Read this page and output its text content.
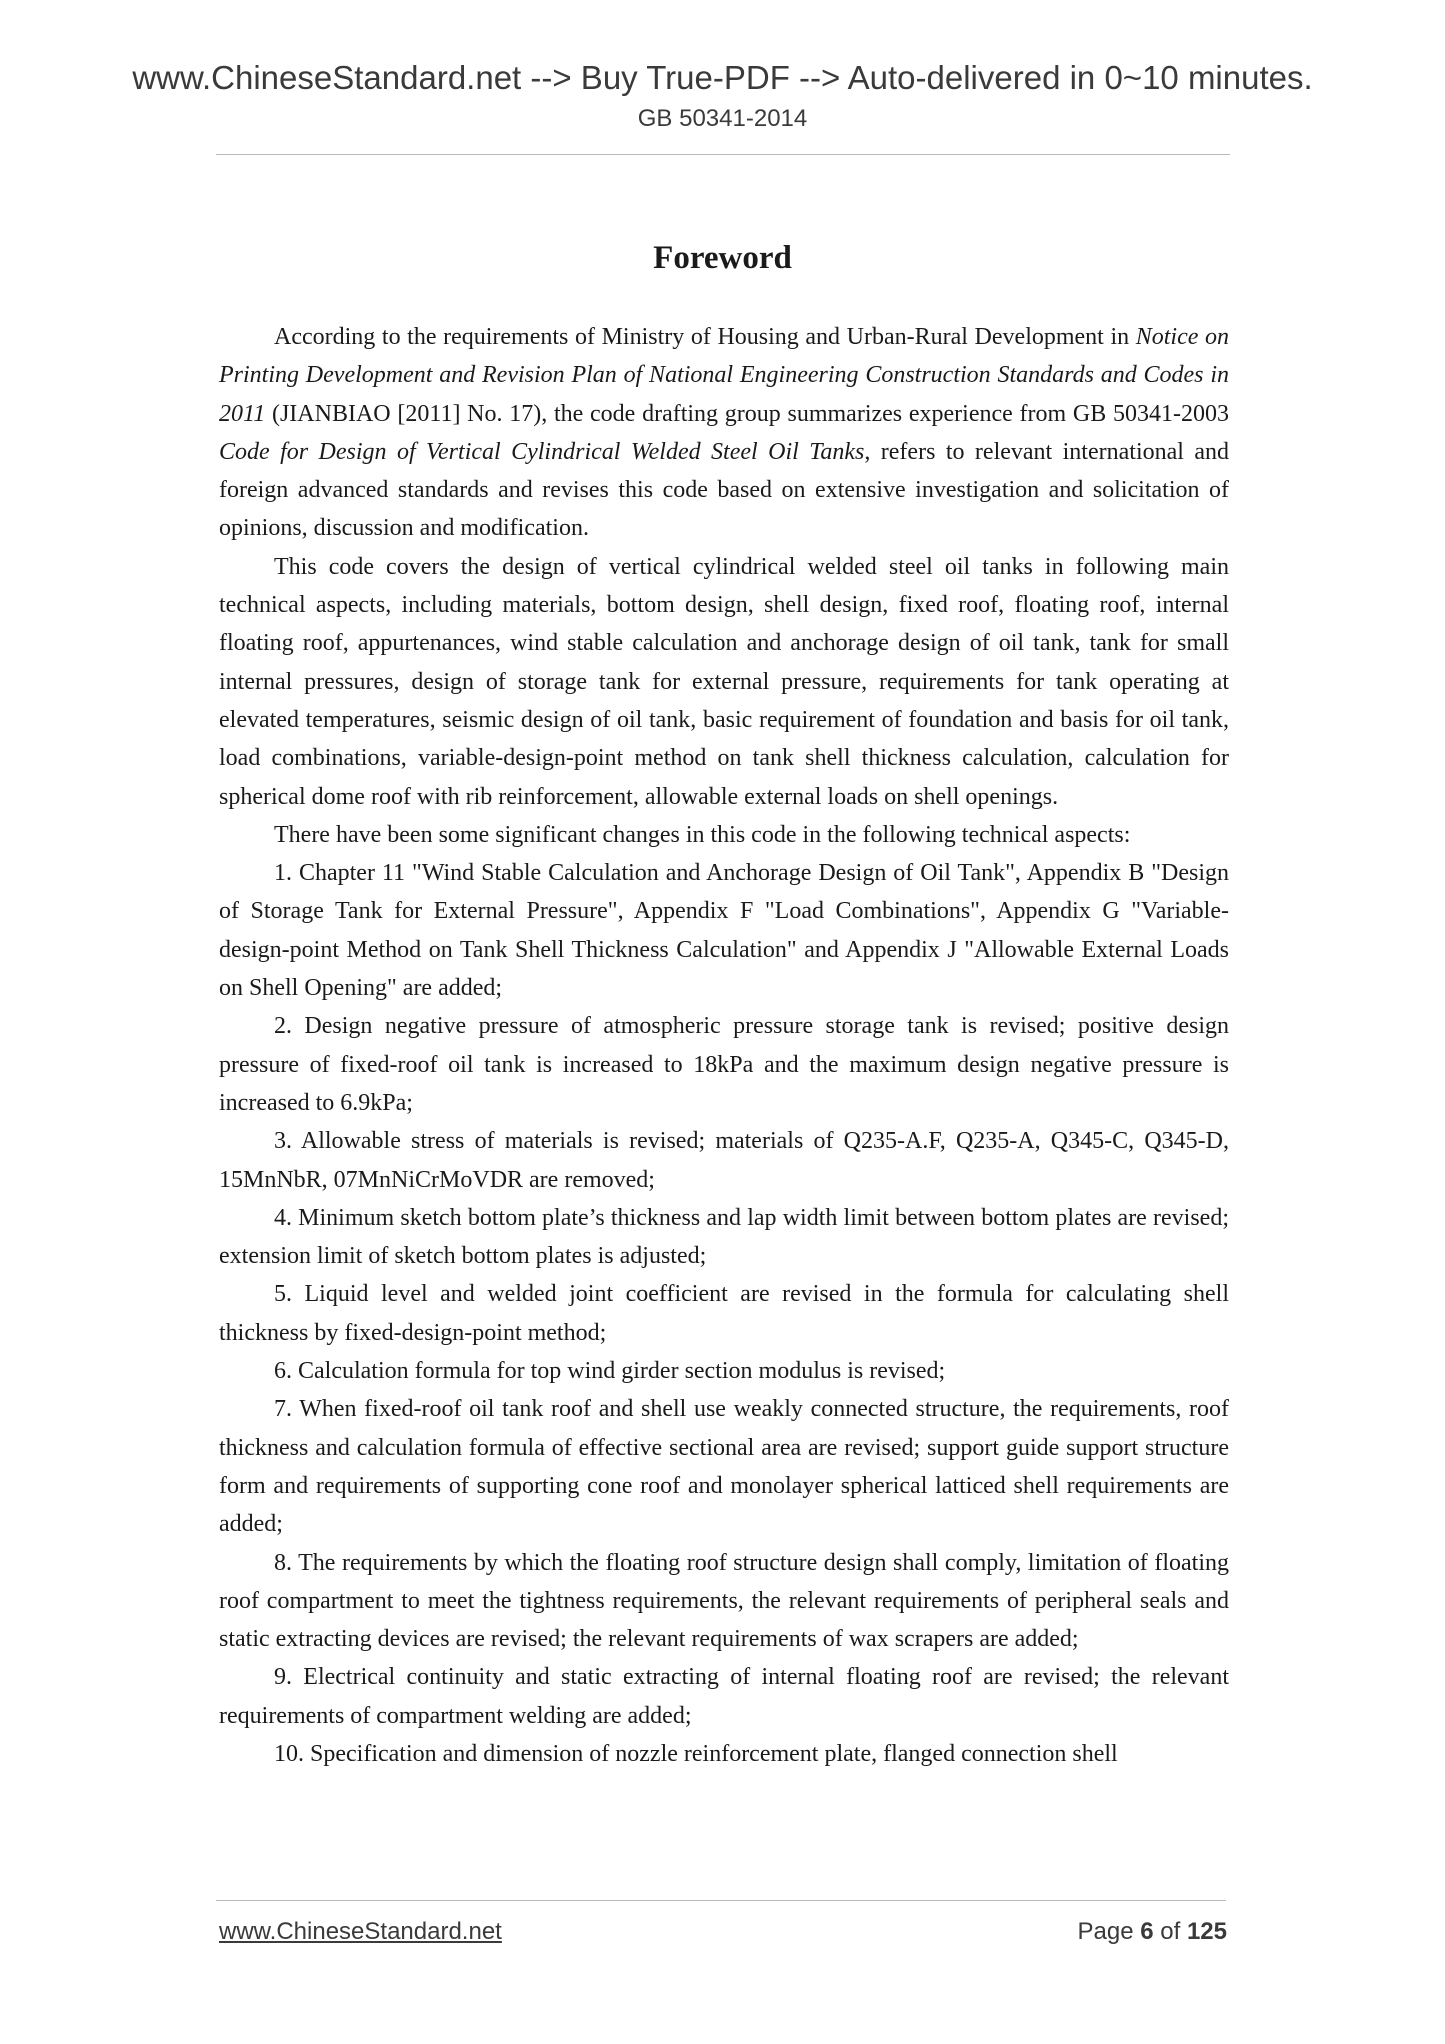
www.ChineseStandard.net --> Buy True-PDF --> Auto-delivered in 0~10 minutes.
GB 50341-2014
Foreword

According to the requirements of Ministry of Housing and Urban-Rural Development in Notice on Printing Development and Revision Plan of National Engineering Construction Standards and Codes in 2011 (JIANBIAO [2011] No. 17), the code drafting group summarizes experience from GB 50341-2003 Code for Design of Vertical Cylindrical Welded Steel Oil Tanks, refers to relevant international and foreign advanced standards and revises this code based on extensive investigation and solicitation of opinions, discussion and modification.

This code covers the design of vertical cylindrical welded steel oil tanks in following main technical aspects, including materials, bottom design, shell design, fixed roof, floating roof, internal floating roof, appurtenances, wind stable calculation and anchorage design of oil tank, tank for small internal pressures, design of storage tank for external pressure, requirements for tank operating at elevated temperatures, seismic design of oil tank, basic requirement of foundation and basis for oil tank, load combinations, variable-design-point method on tank shell thickness calculation, calculation for spherical dome roof with rib reinforcement, allowable external loads on shell openings.

There have been some significant changes in this code in the following technical aspects:

1. Chapter 11 "Wind Stable Calculation and Anchorage Design of Oil Tank", Appendix B "Design of Storage Tank for External Pressure", Appendix F "Load Combinations", Appendix G "Variable-design-point Method on Tank Shell Thickness Calculation" and Appendix J "Allowable External Loads on Shell Opening" are added;

2. Design negative pressure of atmospheric pressure storage tank is revised; positive design pressure of fixed-roof oil tank is increased to 18kPa and the maximum design negative pressure is increased to 6.9kPa;

3. Allowable stress of materials is revised; materials of Q235-A.F, Q235-A, Q345-C, Q345-D, 15MnNbR, 07MnNiCrMoVDR are removed;

4. Minimum sketch bottom plate’s thickness and lap width limit between bottom plates are revised; extension limit of sketch bottom plates is adjusted;

5. Liquid level and welded joint coefficient are revised in the formula for calculating shell thickness by fixed-design-point method;

6. Calculation formula for top wind girder section modulus is revised;

7. When fixed-roof oil tank roof and shell use weakly connected structure, the requirements, roof thickness and calculation formula of effective sectional area are revised; support guide support structure form and requirements of supporting cone roof and monolayer spherical latticed shell requirements are added;

8. The requirements by which the floating roof structure design shall comply, limitation of floating roof compartment to meet the tightness requirements, the relevant requirements of peripheral seals and static extracting devices are revised; the relevant requirements of wax scrapers are added;

9. Electrical continuity and static extracting of internal floating roof are revised; the relevant requirements of compartment welding are added;

10. Specification and dimension of nozzle reinforcement plate, flanged connection shell

www.ChineseStandard.net	Page 6 of 125
